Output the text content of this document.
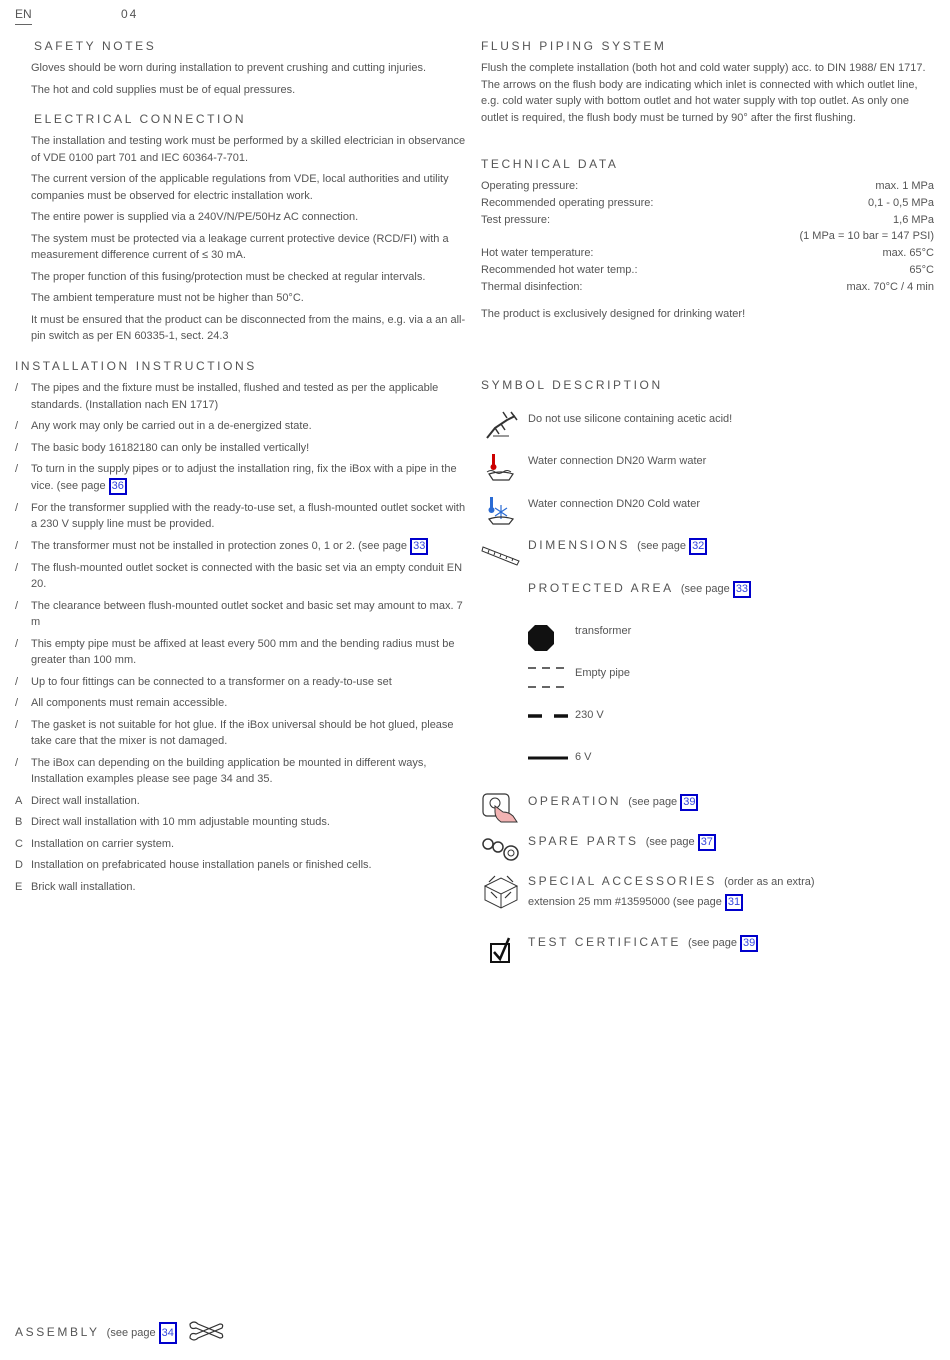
EN	04
SAFETY NOTES
Gloves should be worn during installation to prevent crushing and cutting injuries.
The hot and cold supplies must be of equal pressures.
ELECTRICAL CONNECTION
The installation and testing work must be performed by a skilled electrician in observance of VDE 0100 part 701 and IEC 60364-7-701.
The current version of the applicable regulations from VDE, local authorities and utility companies must be observed for electric installation work.
The entire power is supplied via a 240V/N/PE/50Hz AC connection.
The system must be protected via a leakage current protective device (RCD/FI) with a measurement difference current of ≤ 30 mA.
The proper function of this fusing/protection must be checked at regular intervals.
The ambient temperature must not be higher than 50°C.
It must be ensured that the product can be disconnected from the mains, e.g. via a an all-pin switch as per EN 60335-1, sect. 24.3
INSTALLATION INSTRUCTIONS
/	The pipes and the fixture must be installed, flushed and tested as per the applicable standards. (Installation nach EN 1717)
/	Any work may only be carried out in a de-energized state.
/	The basic body 16182180 can only be installed vertically!
/	To turn in the supply pipes or to adjust the installation ring, fix the iBox with a pipe in the vice. (see page 36
/	For the transformer supplied with the ready-to-use set, a flush-mounted outlet socket with a 230 V supply line must be provided.
/	The transformer must not be installed in protection zones 0, 1 or 2. (see page 33
/	The flush-mounted outlet socket is connected with the basic set via an empty conduit EN 20.
/	The clearance between flush-mounted outlet socket and basic set may amount to max. 7 m
/	This empty pipe must be affixed at least every 500 mm and the bending radius must be greater than 100 mm.
/	Up to four fittings can be connected to a transformer on a ready-to-use set
/	All components must remain accessible.
/	The gasket is not suitable for hot glue. If the iBox universal should be hot glued, please take care that the mixer is not damaged.
/	The iBox can depending on the building application be mounted in different ways, Installation examples please see page 34 and 35.
A Direct wall installation.
B Direct wall installation with 10 mm adjustable mounting studs.
C Installation on carrier system.
D Installation on prefabricated house installation panels or finished cells.
E Brick wall installation.
FLUSH PIPING SYSTEM
Flush the complete installation (both hot and cold water supply) acc. to DIN 1988/ EN 1717. The arrows on the flush body are indicating which inlet is connected with which outlet line, e.g. cold water suply with bottom outlet and hot water supply with top outlet. As only one outlet is required, the flush body must be turned by 90° after the first flushing.
TECHNICAL DATA
Operating pressure:	max. 1 MPa
Recommended operating pressure:	0,1 - 0,5 MPa
Test pressure:	1,6 MPa
	(1 MPa = 10 bar = 147 PSI)
Hot water temperature:	max. 65°C
Recommended hot water temp.:	65°C
Thermal disinfection:	max. 70°C / 4 min
The product is exclusively designed for drinking water!
SYMBOL DESCRIPTION
Do not use silicone containing acetic acid!
Water connection DN20 Warm water
Water connection DN20 Cold water
DIMENSIONS (see page 32
PROTECTED AREA (see page 33
transformer
Empty pipe
230 V
6 V
OPERATION (see page 39
SPARE PARTS (see page 37
SPECIAL ACCESSORIES (order as an extra)
extension 25 mm #13595000 (see page 31
TEST CERTIFICATE (see page 39
ASSEMBLY (see page 34
